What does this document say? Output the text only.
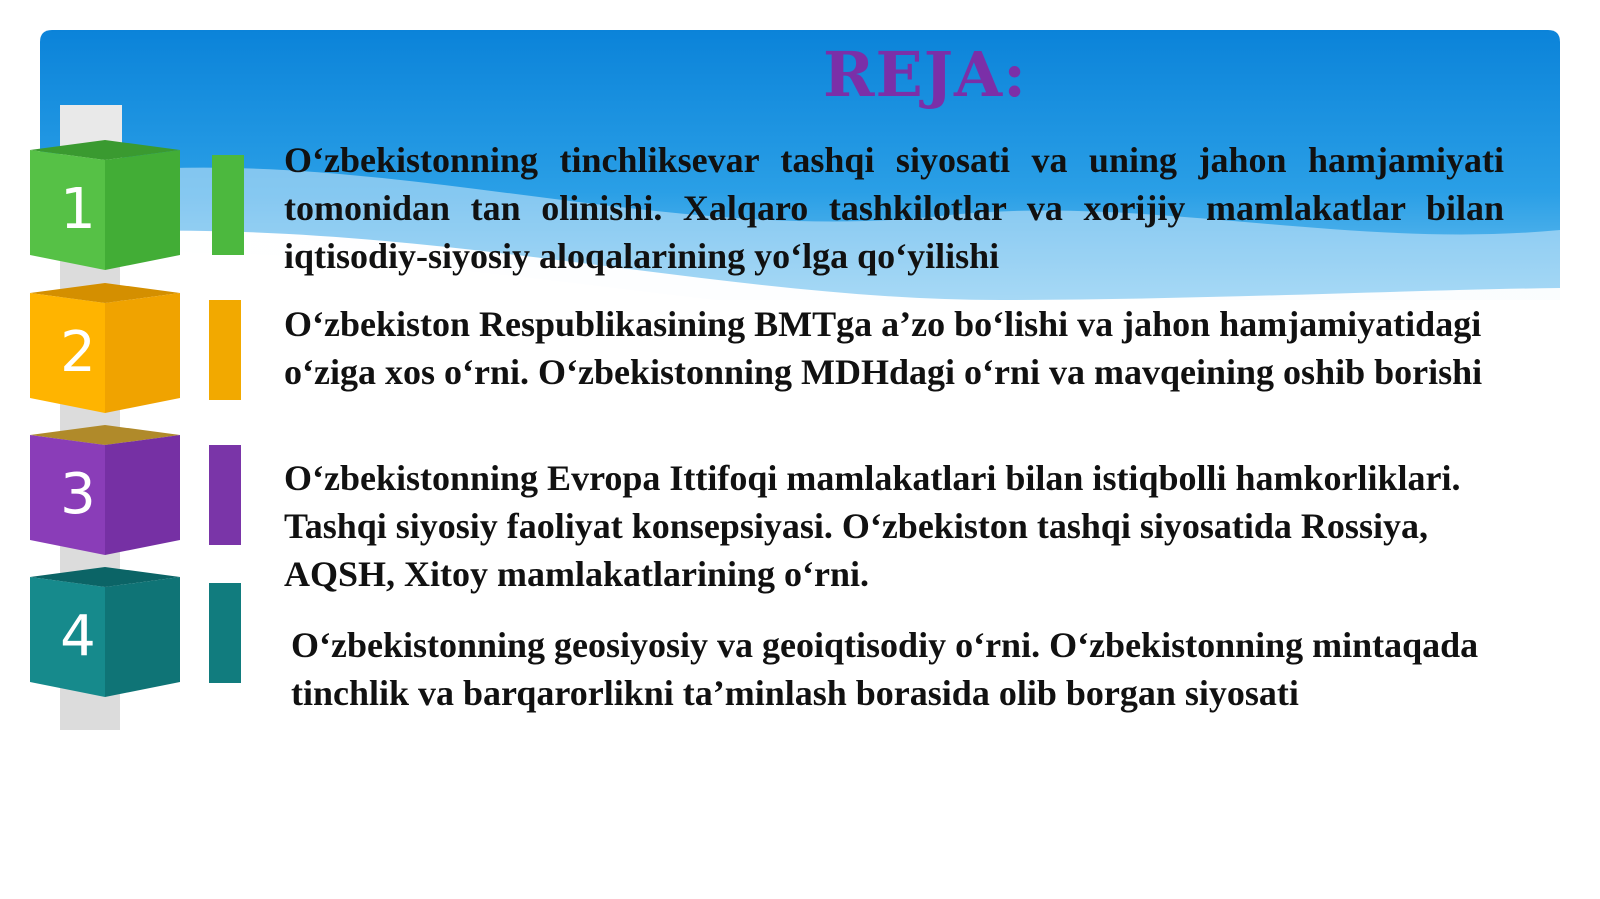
REJA:
1
2
3
4
O‘zbekistonning tinchliksevar tashqi siyosati va uning jahon hamjamiyati tomonidan tan olinishi. Xalqaro tashkilotlar va xorijiy mamlakatlar bilan iqtisodiy-siyosiy aloqalarining yo‘lga qo‘yilishi
O‘zbekiston Respublikasining BMTga a’zo bo‘lishi va jahon hamjamiyatidagi o‘ziga xos o‘rni. O‘zbekistonning MDHdagi o‘rni va mavqeining oshib borishi
O‘zbekistonning Evropa Ittifoqi mamlakatlari bilan istiqbolli hamkorliklari. Tashqi siyosiy faoliyat konsepsiyasi. O‘zbekiston tashqi siyosatida Rossiya, AQSH, Xitoy mamlakatlarining o‘rni.
O‘zbekistonning geosiyosiy va geoiqtisodiy o‘rni. O‘zbekistonning mintaqada tinchlik va barqarorlikni ta’minlash borasida olib borgan siyosati
